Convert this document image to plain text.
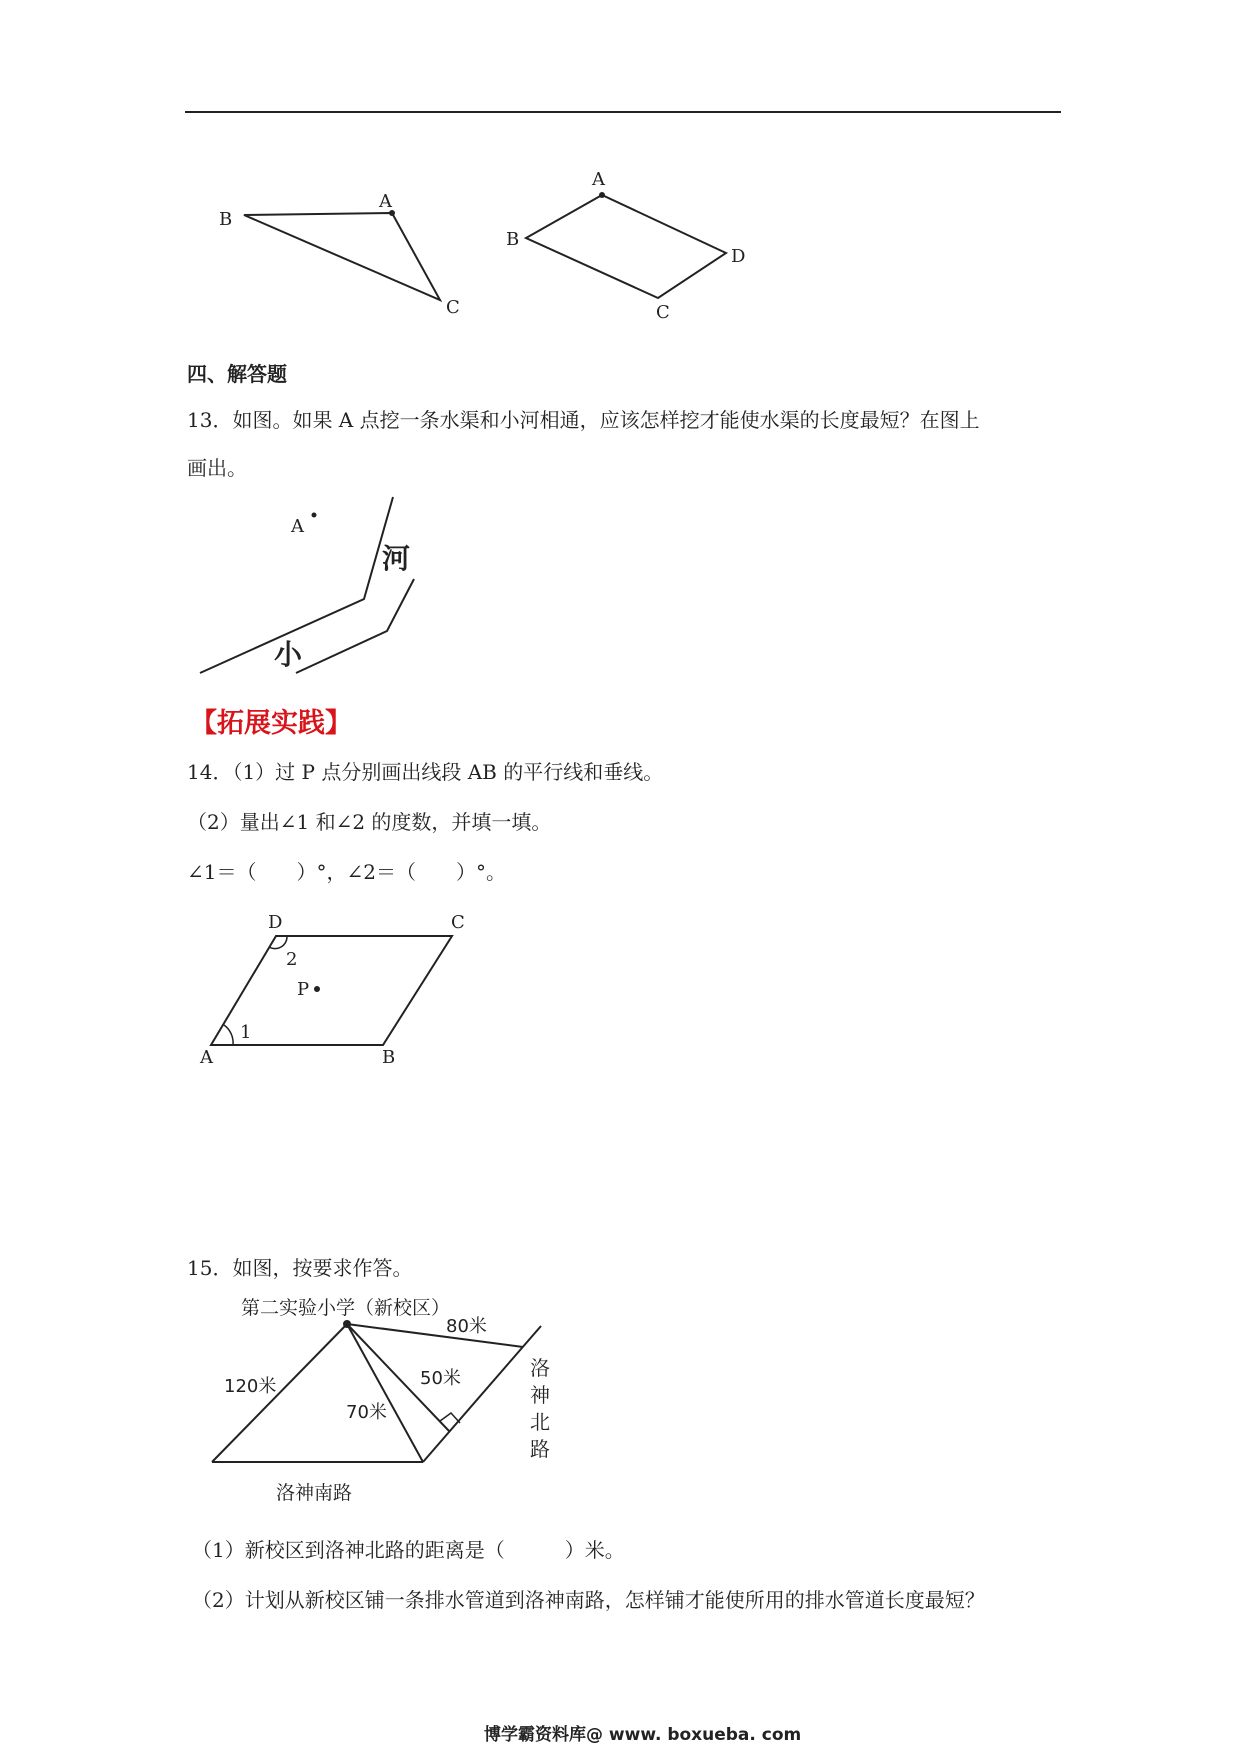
B
A
C
A
B
D
C
四、解答题
13．如图。如果 A 点挖一条水渠和小河相通，应该怎样挖才能使水渠的长度最短？在图上
画出。
A
河
小
【拓展实践】
14．（1）过 P 点分别画出线段 AB 的平行线和垂线。
（2）量出∠1 和∠2 的度数，并填一填。
∠1＝（　　）°，∠2＝（　　）°。
D	C
A	B
P
1
2
15．如图，按要求作答。
第二实验小学（新校区）
80米
120米	50米
70米
洛
神
北
路
洛神南路
（1）新校区到洛神北路的距离是（　　　）米。
（2）计划从新校区铺一条排水管道到洛神南路，怎样铺才能使所用的排水管道长度最短？
博学霸资料库@ www. boxueba. com
